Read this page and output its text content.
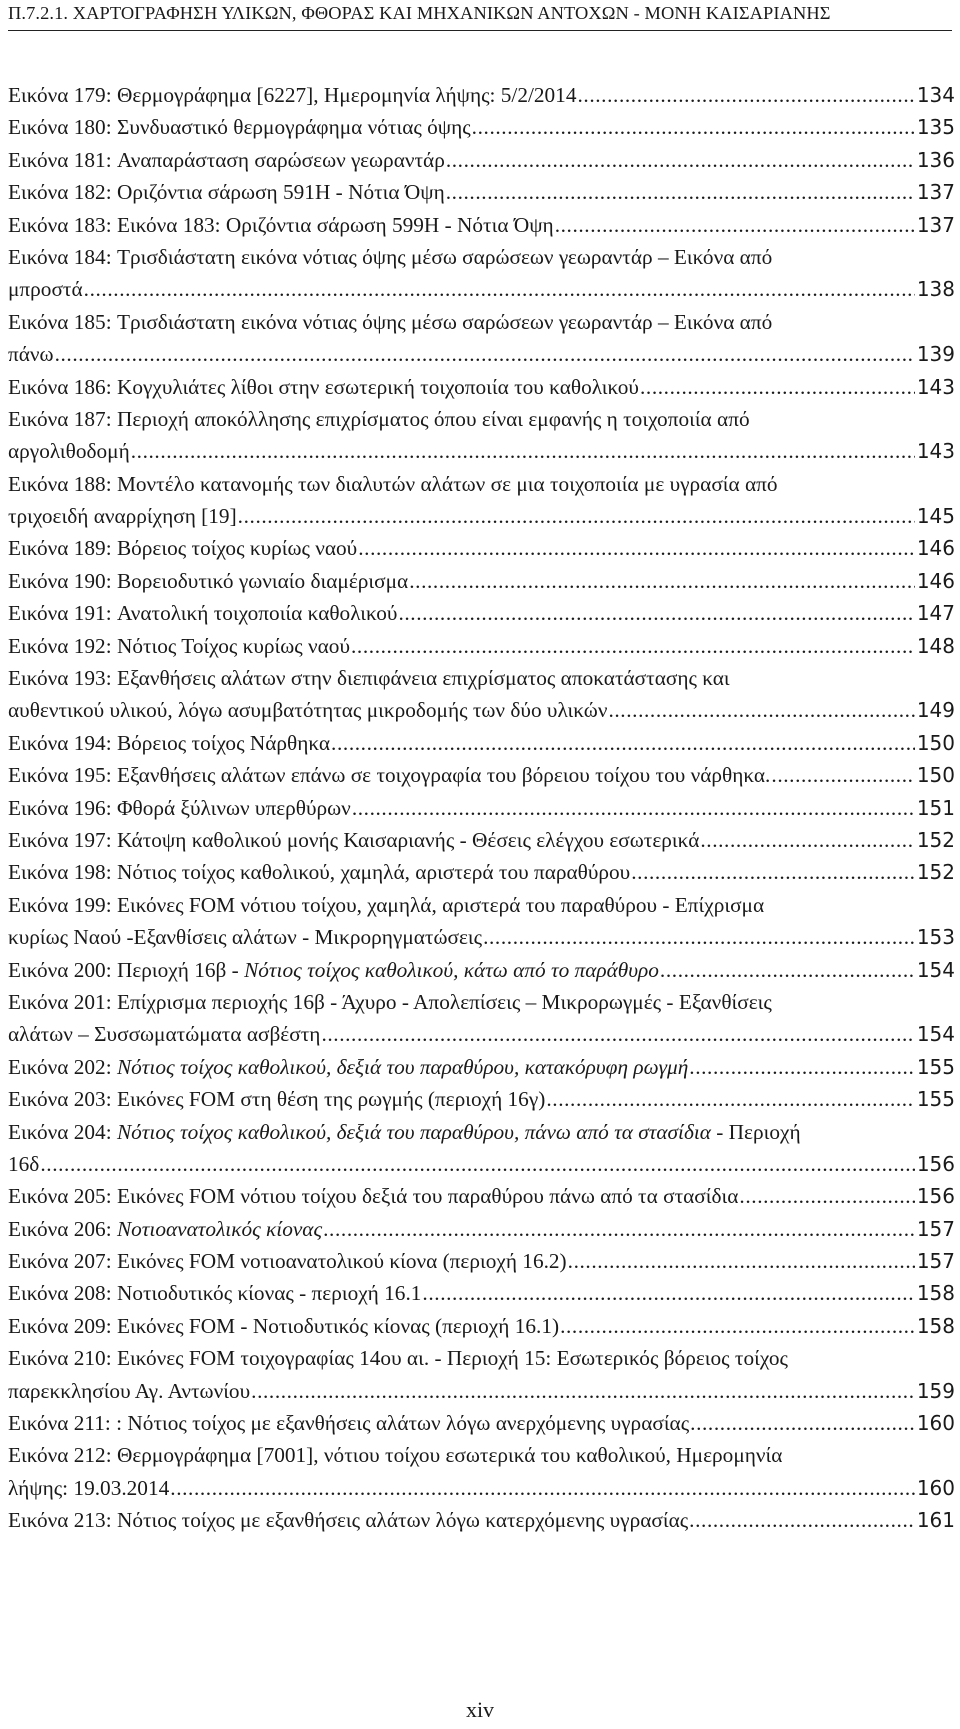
Π.7.2.1. ΧΑΡΤΟΓΡΑΦΗΣΗ ΥΛΙΚΩΝ, ΦΘΟΡΑΣ ΚΑΙ ΜΗΧΑΝΙΚΩΝ ΑΝΤΟΧΩΝ - ΜΟΝΗ ΚΑΙΣΑΡΙΑΝΗΣ
Εικόνα 179:
Θερμογράφημα [6227], Ημερομηνία λήψης: 5/2/2014 .....	134
Εικόνα 180:
Συνδυαστικό θερμογράφημα νότιας όψης .....	135
Εικόνα 181:
Αναπαράσταση σαρώσεων γεωραντάρ .....	136
Εικόνα 182:
Οριζόντια σάρωση 591Η - Νότια Όψη .....	137
Εικόνα 183:
Εικόνα 183: Οριζόντια σάρωση 599Η - Νότια Όψη .....	137
Εικόνα 184: Τρισδιάστατη εικόνα νότιας όψης μέσω σαρώσεων γεωραντάρ – Εικόνα από
μπροστά .....	138
Εικόνα 185: Τρισδιάστατη εικόνα νότιας όψης μέσω σαρώσεων γεωραντάρ – Εικόνα από
πάνω .....	139
Εικόνα 186:
Κογχυλιάτες λίθοι στην εσωτερική τοιχοποιία του καθολικού .....	143
Εικόνα 187: Περιοχή αποκόλλησης επιχρίσματος όπου είναι εμφανής η τοιχοποιία από
αργολιθοδομή .....	143
Εικόνα 188: Μοντέλο κατανομής των διαλυτών αλάτων σε μια τοιχοποιία με υγρασία από
τριχοειδή αναρρίχηση [19] .....	145
Εικόνα 189:
Βόρειος τοίχος κυρίως ναού .....	146
Εικόνα 190:
Βορειοδυτικό γωνιαίο διαμέρισμα .....	146
Εικόνα 191:
Ανατολική τοιχοποιία καθολικού .....	147
Εικόνα 192:
Νότιος Τοίχος κυρίως ναού .....	148
Εικόνα 193: Εξανθήσεις αλάτων στην διεπιφάνεια επιχρίσματος αποκατάστασης και
αυθεντικού υλικού, λόγω ασυμβατότητας μικροδομής των δύο υλικών .....	149
Εικόνα 194:
Βόρειος τοίχος Νάρθηκα .....	150
Εικόνα 195:
Εξανθήσεις αλάτων επάνω σε τοιχογραφία του βόρειου τοίχου του νάρθηκα. .....	150
Εικόνα 196:
Φθορά ξύλινων υπερθύρων .....	151
Εικόνα 197:
Κάτοψη καθολικού μονής Καισαριανής - Θέσεις ελέγχου εσωτερικά .....	152
Εικόνα 198:
Νότιος τοίχος καθολικού, χαμηλά, αριστερά του παραθύρου .....	152
Εικόνα 199: Εικόνες FOM νότιου τοίχου, χαμηλά, αριστερά του παραθύρου - Επίχρισμα
κυρίως Ναού -Εξανθίσεις αλάτων - Μικρορηγματώσεις .....	153
Εικόνα 200:
Περιοχή 16β - Νότιος τοίχος καθολικού, κάτω από το παράθυρο .....	154
Εικόνα 201: Επίχρισμα περιοχής 16β - Άχυρο - Απολεπίσεις – Μικρορωγμές - Εξανθίσεις
αλάτων – Συσσωματώματα ασβέστη .....	154
Εικόνα 202:
Νότιος τοίχος καθολικού, δεξιά του παραθύρου, κατακόρυφη ρωγμή .....	155
Εικόνα 203:
Εικόνες FOM στη θέση της ρωγμής (περιοχή 16γ) .....	155
Εικόνα 204: Νότιος τοίχος καθολικού, δεξιά του παραθύρου, πάνω από τα στασίδια - Περιοχή
16δ .....	156
Εικόνα 205:
Εικόνες FOM νότιου τοίχου δεξιά του παραθύρου πάνω από τα στασίδια .....	156
Εικόνα 206:
Νοτιοανατολικός κίονας .....	157
Εικόνα 207:
Εικόνες FOM νοτιοανατολικού κίονα (περιοχή 16.2) .....	157
Εικόνα 208:
Νοτιοδυτικός κίονας - περιοχή 16.1 .....	158
Εικόνα 209:
Εικόνες FOM - Νοτιοδυτικός κίονας (περιοχή 16.1) .....	158
Εικόνα 210: Εικόνες FOM τοιχογραφίας 14ου αι. - Περιοχή 15: Εσωτερικός βόρειος τοίχος
παρεκκλησίου Αγ. Αντωνίου .....	159
Εικόνα 211:
: Νότιος τοίχος με εξανθήσεις αλάτων λόγω ανερχόμενης υγρασίας .....	160
Εικόνα 212: Θερμογράφημα [7001], νότιου τοίχου εσωτερικά του καθολικού, Ημερομηνία
λήψης: 19.03.2014 .....	160
Εικόνα 213:
Νότιος τοίχος με εξανθήσεις αλάτων λόγω κατερχόμενης υγρασίας .....	161
xiv
